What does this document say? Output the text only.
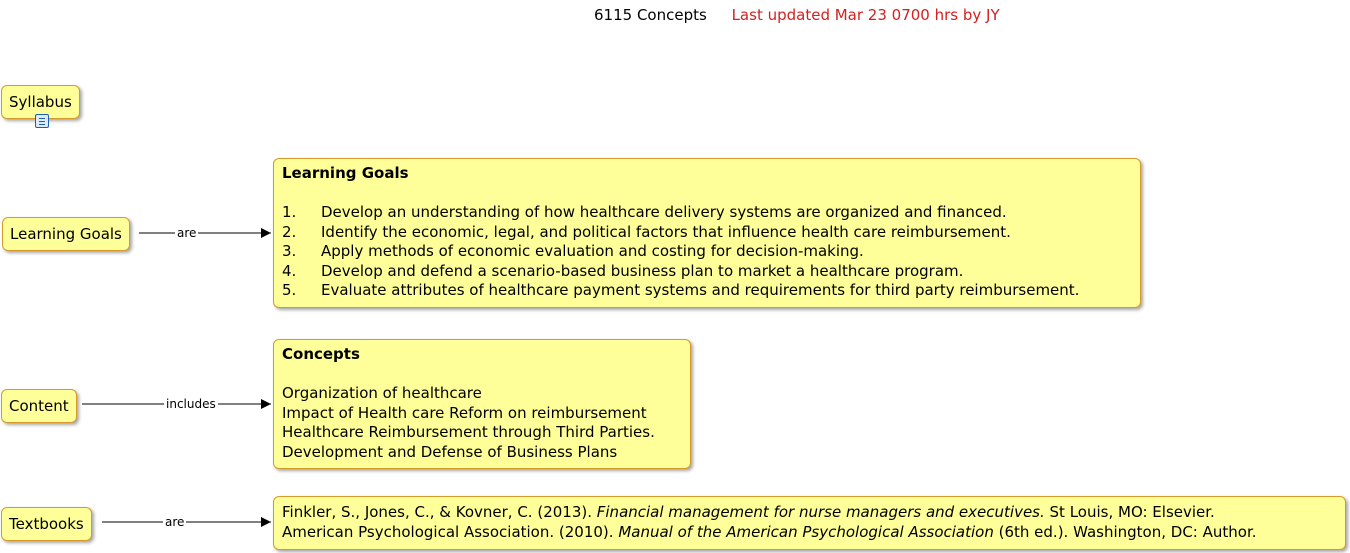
6115 Concepts Last updated Mar 23 0700 hrs by JY
are
includes
are
Syllabus
Learning Goals
Content
Textbooks
Learning Goals
1. Develop an understanding of how healthcare delivery systems are organized and financed.
2. Identify the economic, legal, and political factors that influence health care reimbursement.
3. Apply methods of economic evaluation and costing for decision-making.
4. Develop and defend a scenario-based business plan to market a healthcare program.
5. Evaluate attributes of healthcare payment systems and requirements for third party reimbursement.
Concepts
Organization of healthcare
Impact of Health care Reform on reimbursement
Healthcare Reimbursement through Third Parties.
Development and Defense of Business Plans
Finkler, S., Jones, C., & Kovner, C. (2013). Financial management for nurse managers and executives. St Louis, MO: Elsevier.
American Psychological Association. (2010). Manual of the American Psychological Association (6th ed.). Washington, DC: Author.
